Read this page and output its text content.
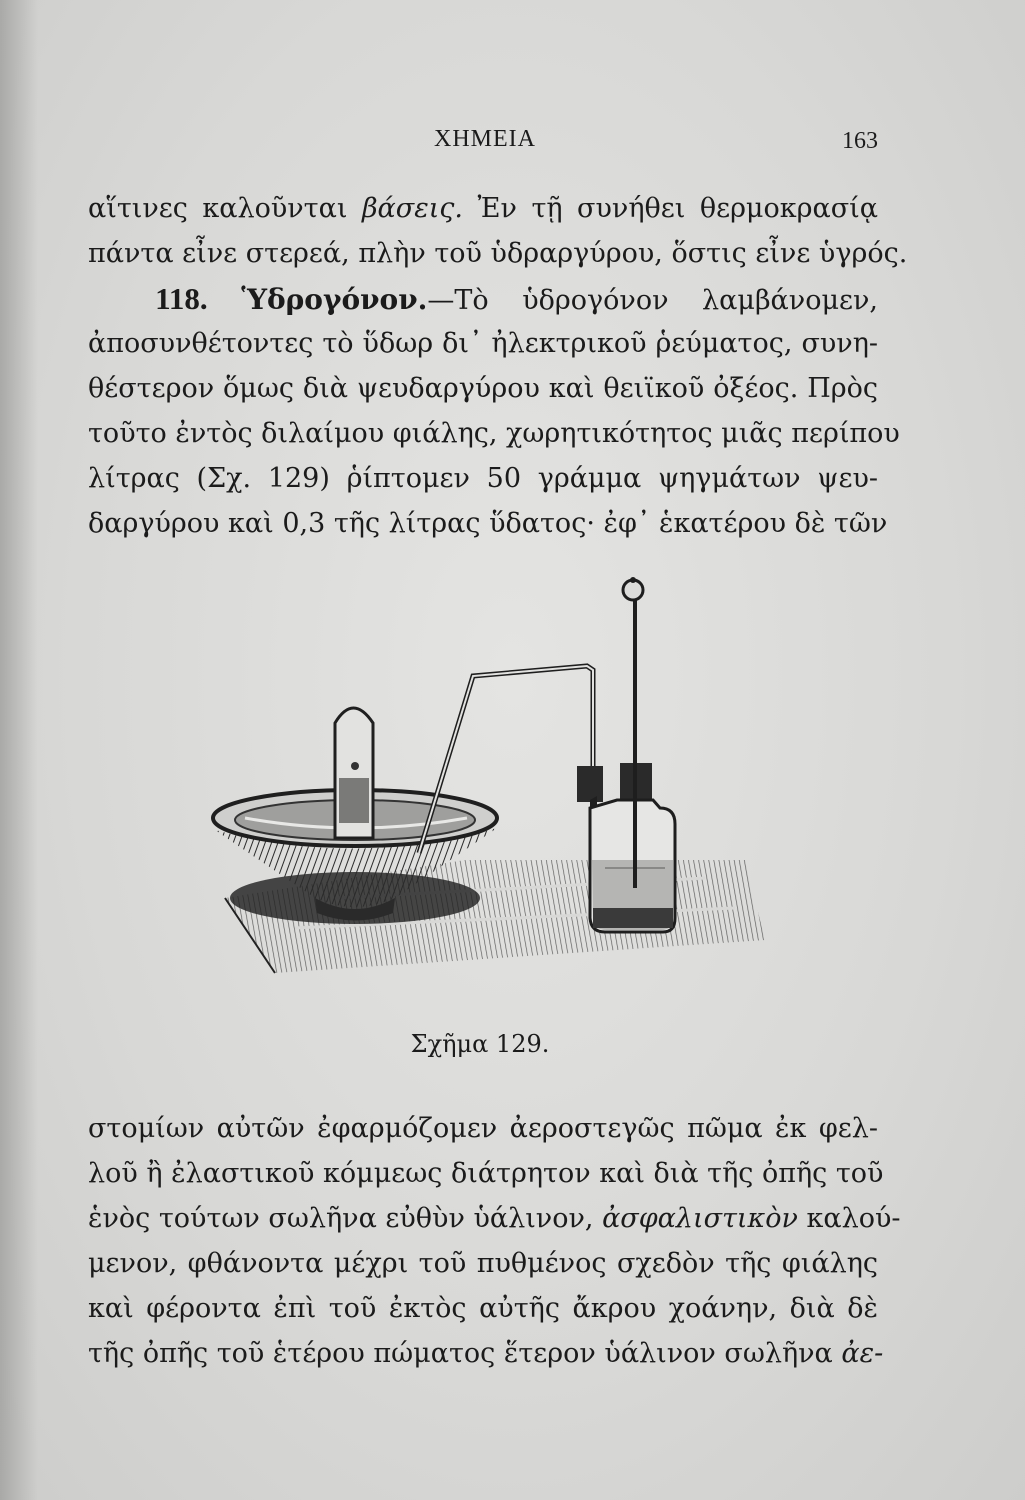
ΧΗΜΕΙΑ	163
αἵτινες καλοῦνται βάσεις. Ἐν τῇ συνήθει θερμοκρασίᾳ
πάντα εἶνε στερεά, πλὴν τοῦ ὑδραργύρου, ὅστις εἶνε ὑγρός.
118. Ὑδρογόνον.—Τὸ ὑδρογόνον λαμβάνομεν,
ἀποσυνθέτοντες τὸ ὕδωρ δι᾽ ἠλεκτρικοῦ ῥεύματος, συνη-
θέστερον ὅμως διὰ ψευδαργύρου καὶ θειϊκοῦ ὀξέος. Πρὸς
τοῦτο ἐντὸς διλαίμου φιάλης, χωρητικότητος μιᾶς περίπου
λίτρας (Σχ. 129) ῥίπτομεν 50 γράμμα ψηγμάτων ψευ-
δαργύρου καὶ 0,3 τῆς λίτρας ὕδατος· ἐφ᾽ ἑκατέρου δὲ τῶν
Σχῆμα 129.
στομίων αὐτῶν ἐφαρμόζομεν ἀεροστεγῶς πῶμα ἐκ φελ-
λοῦ ἢ ἐλαστικοῦ κόμμεως διάτρητον καὶ διὰ τῆς ὀπῆς τοῦ
ἑνὸς τούτων σωλῆνα εὐθὺν ὑάλινον, ἀσφαλιστικὸν καλού-
μενον, φθάνοντα μέχρι τοῦ πυθμένος σχεδὸν τῆς φιάλης
καὶ φέροντα ἐπὶ τοῦ ἐκτὸς αὐτῆς ἄκρου χοάνην, διὰ δὲ
τῆς ὀπῆς τοῦ ἑτέρου πώματος ἕτερον ὑάλινον σωλῆνα ἀε-
